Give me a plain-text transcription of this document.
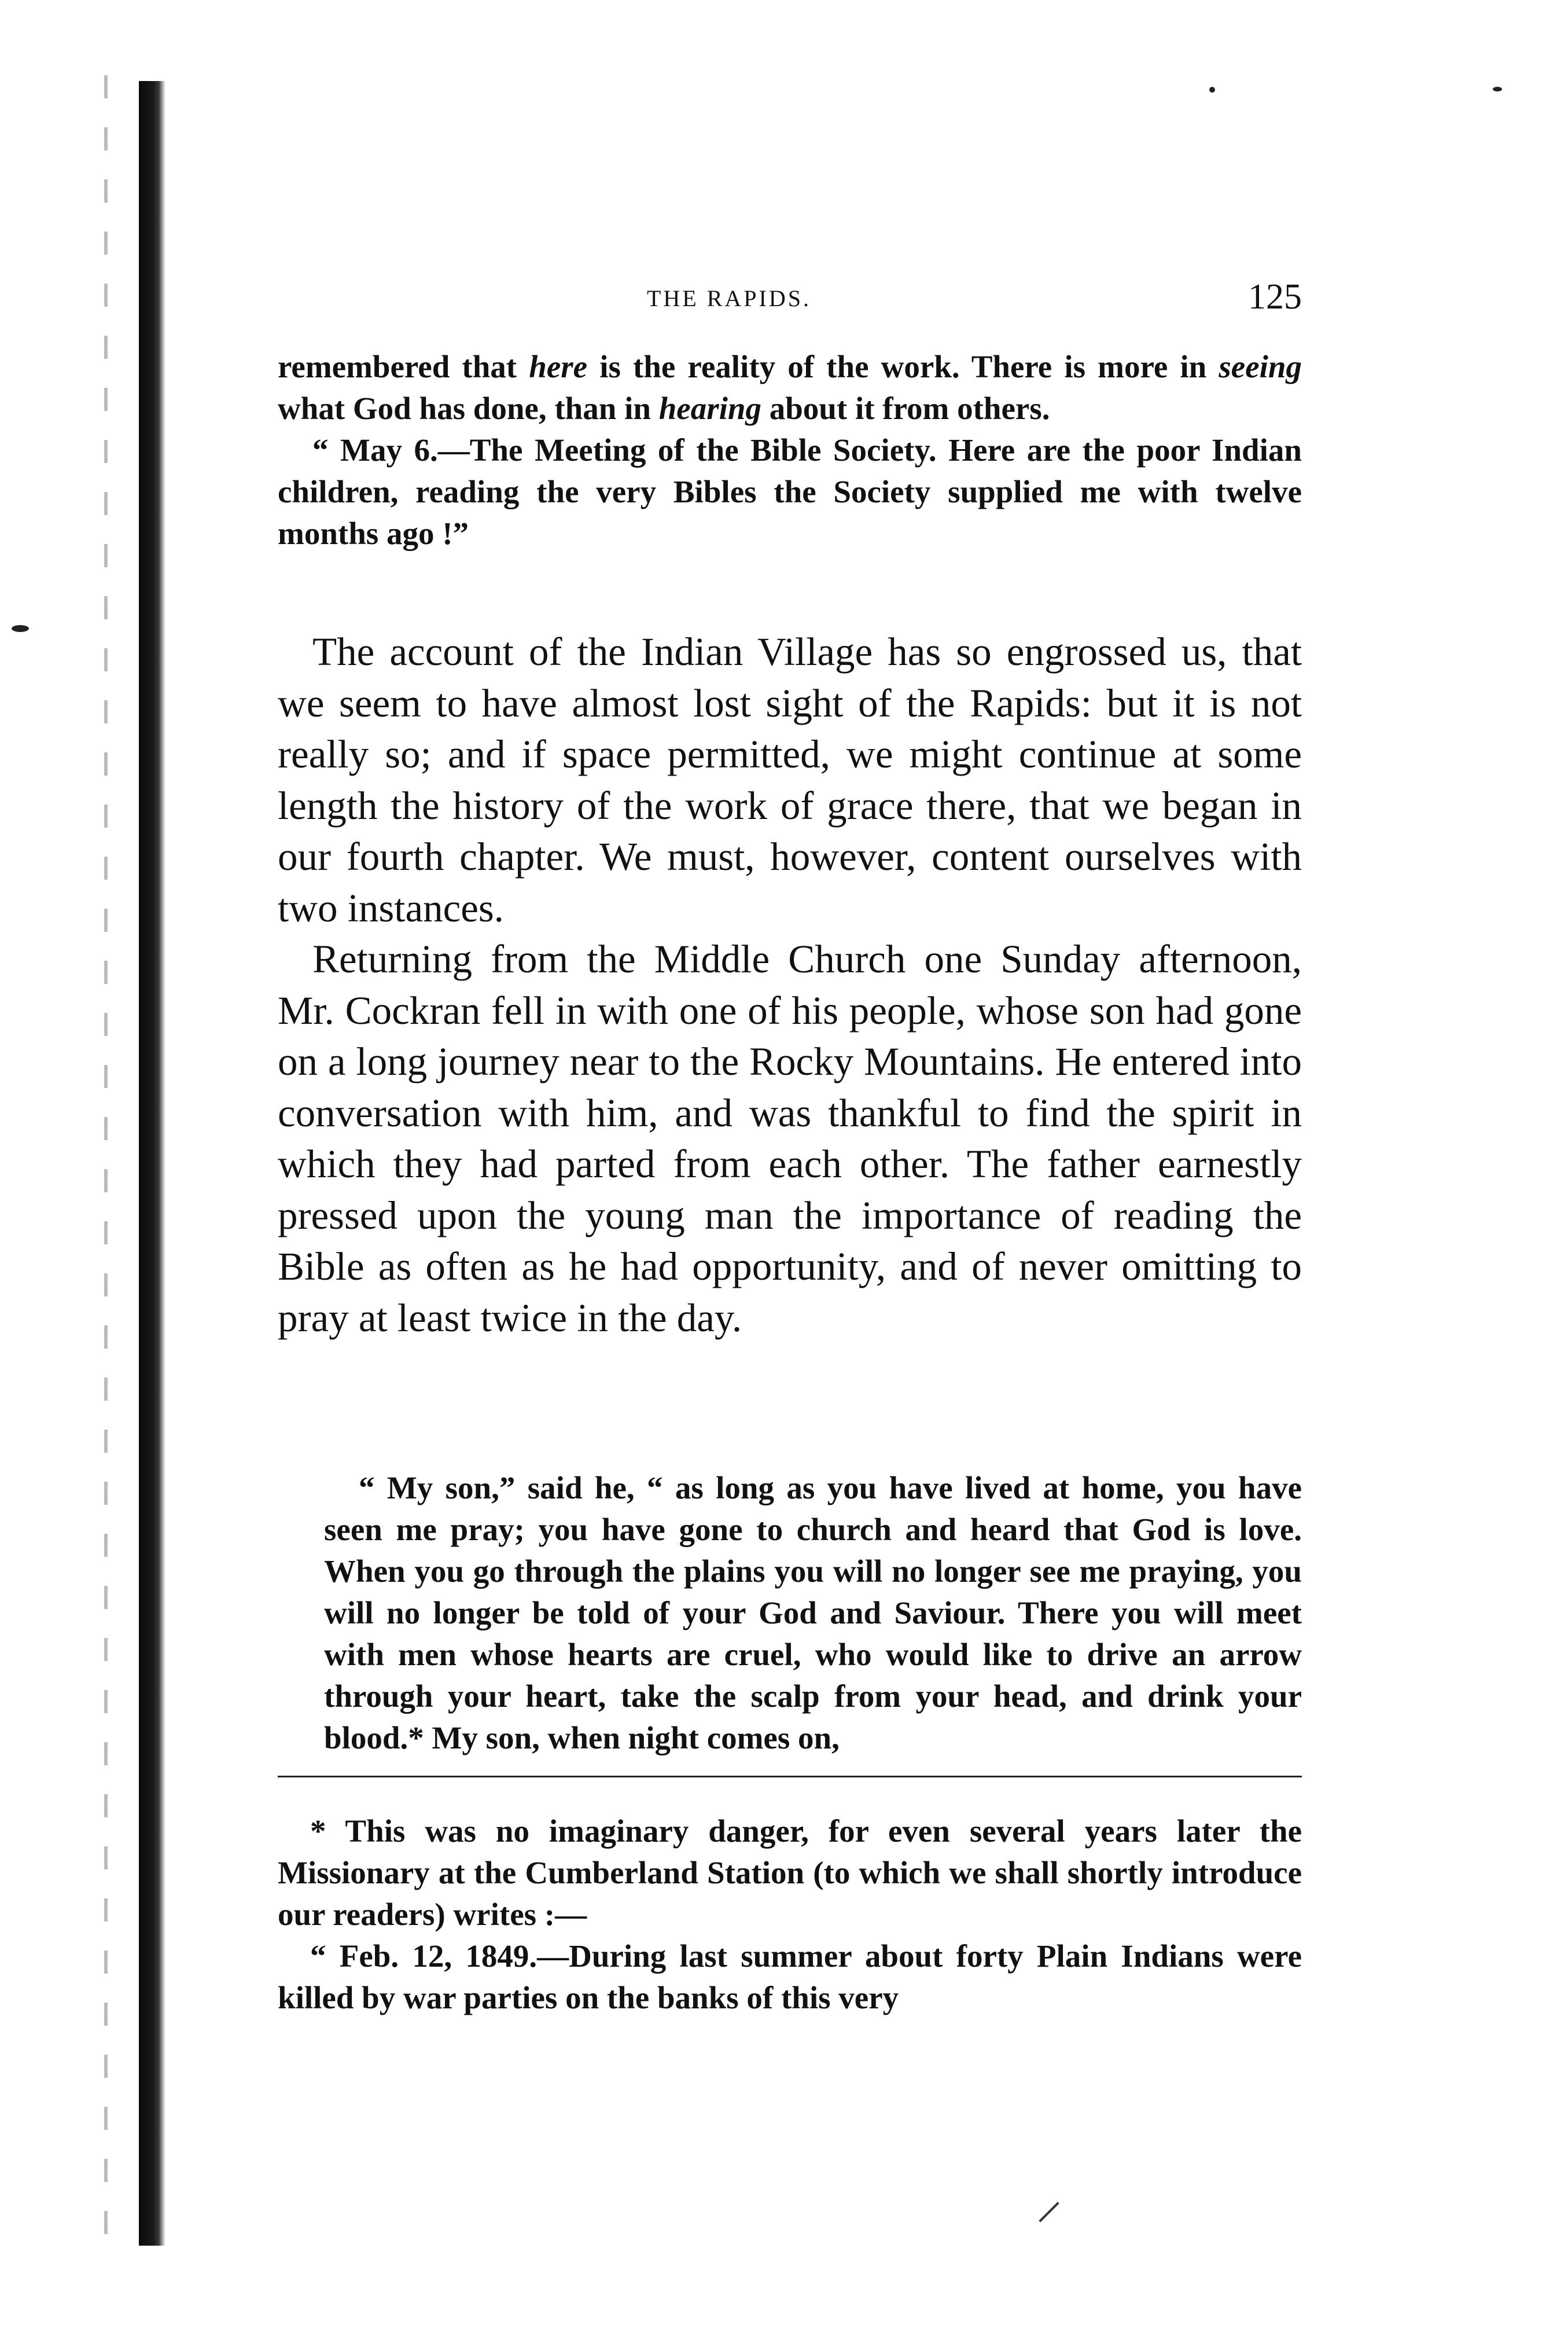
THE RAPIDS.	125

remembered that here is the reality of the work. There is more in seeing what God has done, than in hearing about it from others.

“ May 6.—The Meeting of the Bible Society. Here are the poor Indian children, reading the very Bibles the Society supplied me with twelve months ago !”

The account of the Indian Village has so engrossed us, that we seem to have almost lost sight of the Rapids: but it is not really so; and if space permitted, we might continue at some length the history of the work of grace there, that we began in our fourth chapter. We must, however, content ourselves with two instances.

Returning from the Middle Church one Sunday afternoon, Mr. Cockran fell in with one of his people, whose son had gone on a long journey near to the Rocky Mountains. He entered into conversation with him, and was thankful to find the spirit in which they had parted from each other. The father earnestly pressed upon the young man the importance of reading the Bible as often as he had opportunity, and of never omitting to pray at least twice in the day.

“ My son,” said he, “ as long as you have lived at home, you have seen me pray; you have gone to church and heard that God is love. When you go through the plains you will no longer see me praying, you will no longer be told of your God and Saviour. There you will meet with men whose hearts are cruel, who would like to drive an arrow through your heart, take the scalp from your head, and drink your blood.* My son, when night comes on,

* This was no imaginary danger, for even several years later the Missionary at the Cumberland Station (to which we shall shortly introduce our readers) writes :—

“ Feb. 12, 1849.—During last summer about forty Plain Indians were killed by war parties on the banks of this very
